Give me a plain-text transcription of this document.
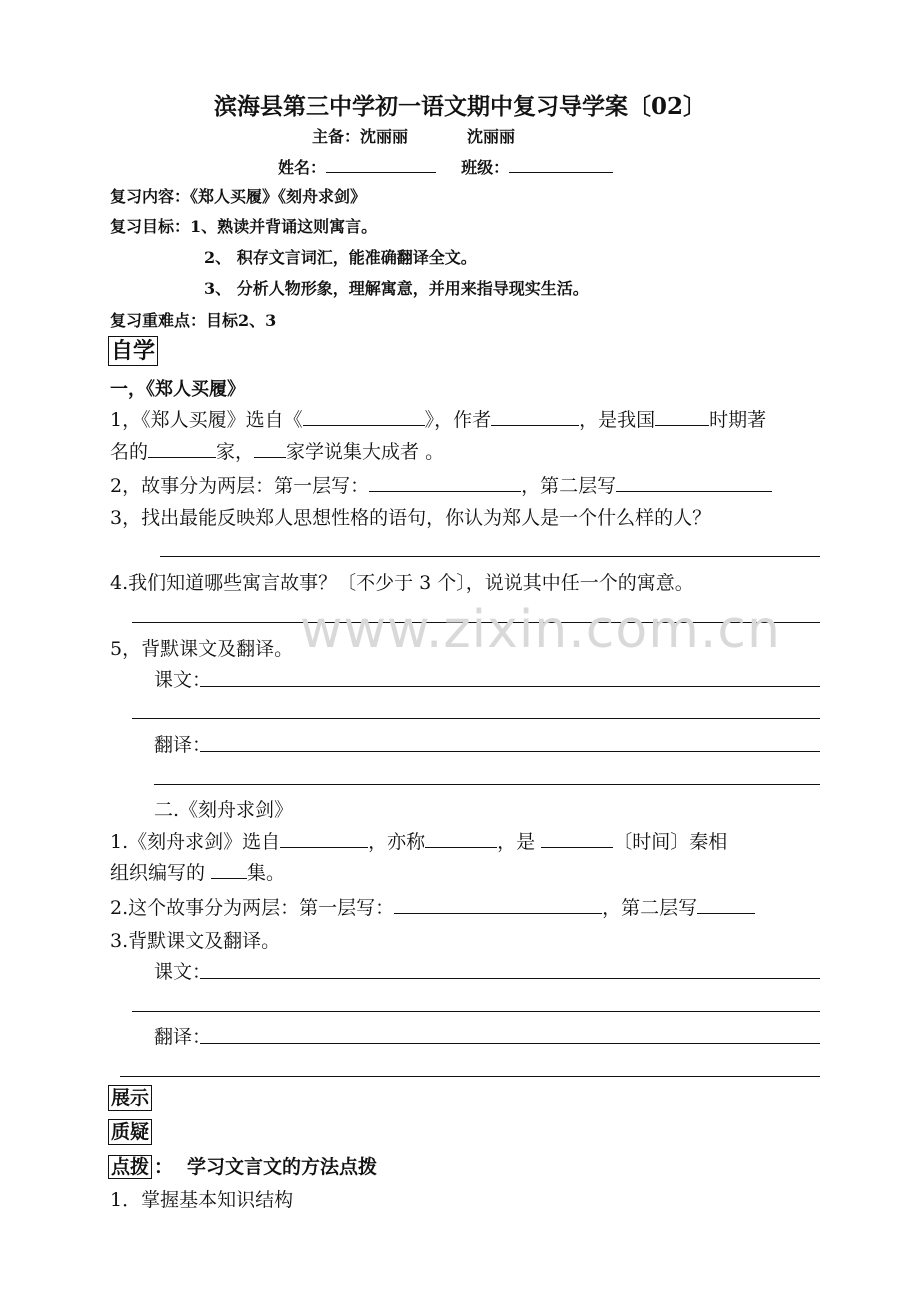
滨海县第三中学初一语文期中复习导学案〔02〕
主备：沈丽丽	沈丽丽
姓名：	班级：
复习内容：《郑人买履》《刻舟求剑》
复习目标：1、熟读并背诵这则寓言。
2、 积存文言词汇，能准确翻译全文。
3、 分析人物形象，理解寓意，并用来指导现实生活。
复习重难点：目标2、3
自学
一，《郑人买履》
1，《郑人买履》选自《	》，作者	，是我国	时期著
名的	家， 家学说集大成者 。
2，故事分为两层：第一层写：	，第二层写
3，找出最能反映郑人思想性格的语句，你认为郑人是一个什么样的人？
4.我们知道哪些寓言故事？〔不少于 3 个〕，说说其中任一个的寓意。
5，背默课文及翻译。
课文：
翻译：
二.《刻舟求剑》
1.《刻舟求剑》选自	，亦称	，是	〔时间〕秦相
组织编写的 集。
2.这个故事分为两层：第一层写：	，第二层写
3.背默课文及翻译。
课文：
翻译：
展示
质疑
点拨 ： 学习文言文的方法点拨
1．掌握基本知识结构
www.zixin.com.cn
